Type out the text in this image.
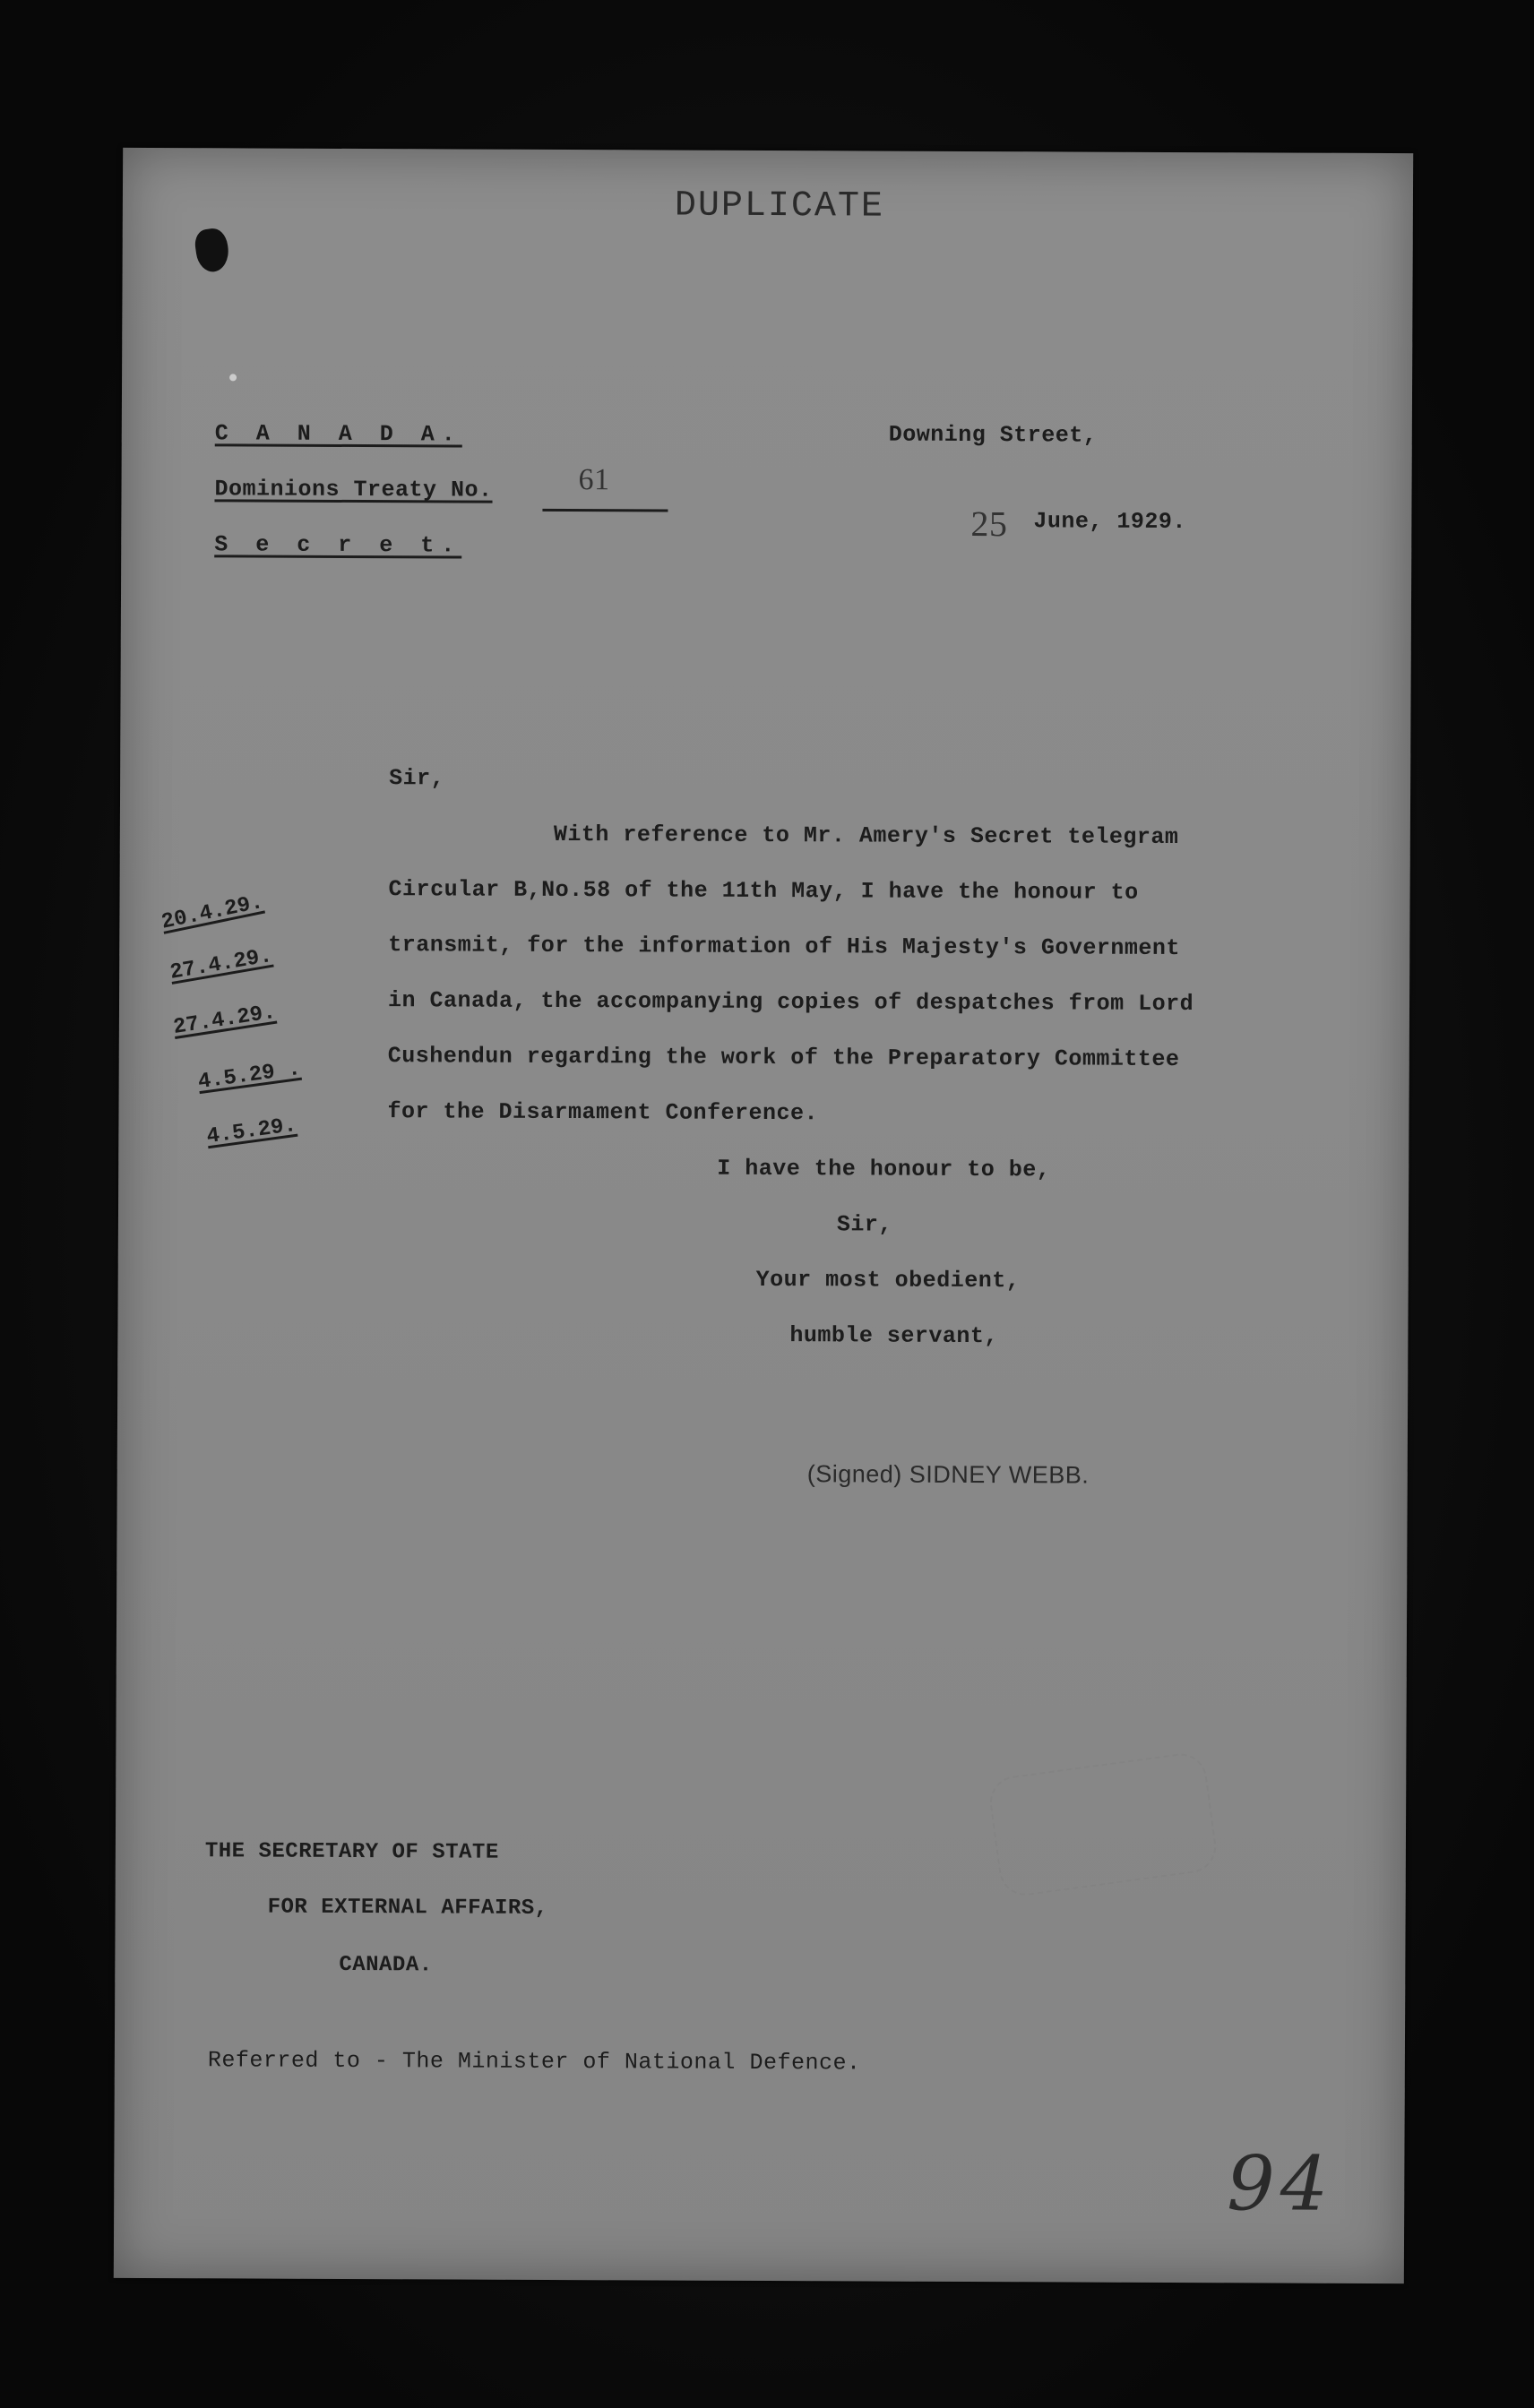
DUPLICATE
C A N A D A.
Dominions Treaty No.	61
S e c r e t.
Downing Street,
25 June, 1929.
20.4.29.
27.4.29.
27.4.29.
4.5.29 .
4.5.29.
Sir,
With reference to Mr. Amery's Secret telegram
Circular B,No.58 of the 11th May, I have the honour to
transmit, for the information of His Majesty's Government
in Canada, the accompanying copies of despatches from Lord
Cushendun regarding the work of the Preparatory Committee
for the Disarmament Conference.
I have the honour to be,
Sir,
Your most obedient,
humble servant,
(Signed) SIDNEY WEBB.
THE SECRETARY OF STATE
FOR EXTERNAL AFFAIRS,
CANADA.
Referred to - The Minister of National Defence.
94
